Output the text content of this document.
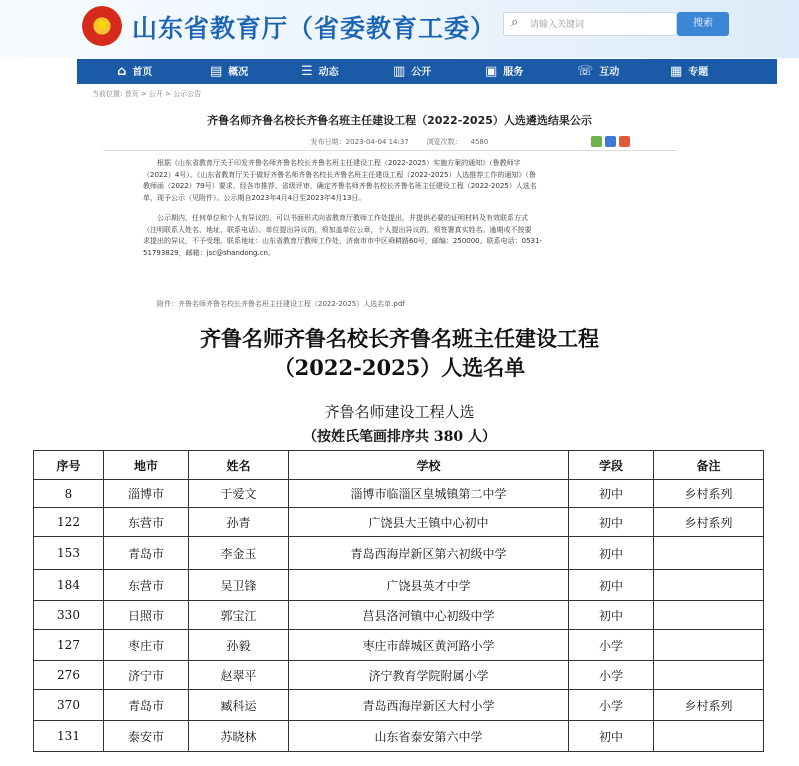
★ 山东省教育厅（省委教育工委） ⌕ 请输入关键词	搜索
⌂ 首页	▤ 概况	☰ 动态	▥ 公开	▣ 服务	☏ 互动	▦ 专题
当前位置: 首页 > 公开 > 公示公告
齐鲁名师齐鲁名校长齐鲁名班主任建设工程（2022-2025）人选遴选结果公示
发布日期：2023-04-04 14:37	浏览次数： 4580
根据《山东省教育厅关于印发齐鲁名师齐鲁名校长齐鲁名班主任建设工程（2022-2025）实施方案的通知》（鲁教师字
（2022）4号）、《山东省教育厅关于做好齐鲁名师齐鲁名校长齐鲁名班主任建设工程（2022-2025）人选推荐工作的通知》（鲁
教师函（2022）79号）要求，经各市推荐、省级评审，确定齐鲁名师齐鲁名校长齐鲁名班主任建设工程（2022-2025）人选名
单，现予公示（见附件）。公示期自2023年4月4日至2023年4月13日。
公示期内，任何单位和个人有异议的，可以书面形式向省教育厅教师工作处提出，并提供必要的证明材料及有效联系方式
（注明联系人姓名、地址、联系电话）。单位提出异议的，须加盖单位公章，个人提出异议的，须签署真实姓名。逾期或不按要
求提出的异议，不予受理。联系地址：山东省教育厅教师工作处，济南市市中区舜耕路60号，邮编：250000。联系电话：0531-
51793829，邮箱：jsc@shandong.cn。
附件：齐鲁名师齐鲁名校长齐鲁名班主任建设工程（2022-2025）人选名单.pdf
齐鲁名师齐鲁名校长齐鲁名班主任建设工程
（2022-2025）人选名单
齐鲁名师建设工程人选
（按姓氏笔画排序共 380 人）
序号	地市	姓名	学校	学段	备注
8	淄博市	于爱文	淄博市临淄区皇城镇第二中学	初中	乡村系列
122	东营市	孙青	广饶县大王镇中心初中	初中	乡村系列
153	青岛市	李金玉	青岛西海岸新区第六初级中学	初中	
184	东营市	吴卫锋	广饶县英才中学	初中	
330	日照市	郭宝江	莒县洛河镇中心初级中学	初中	
127	枣庄市	孙毅	枣庄市薛城区黄河路小学	小学	
276	济宁市	赵翠平	济宁教育学院附属小学	小学	
370	青岛市	臧科运	青岛西海岸新区大村小学	小学	乡村系列
131	泰安市	苏晓林	山东省泰安第六中学	初中	
